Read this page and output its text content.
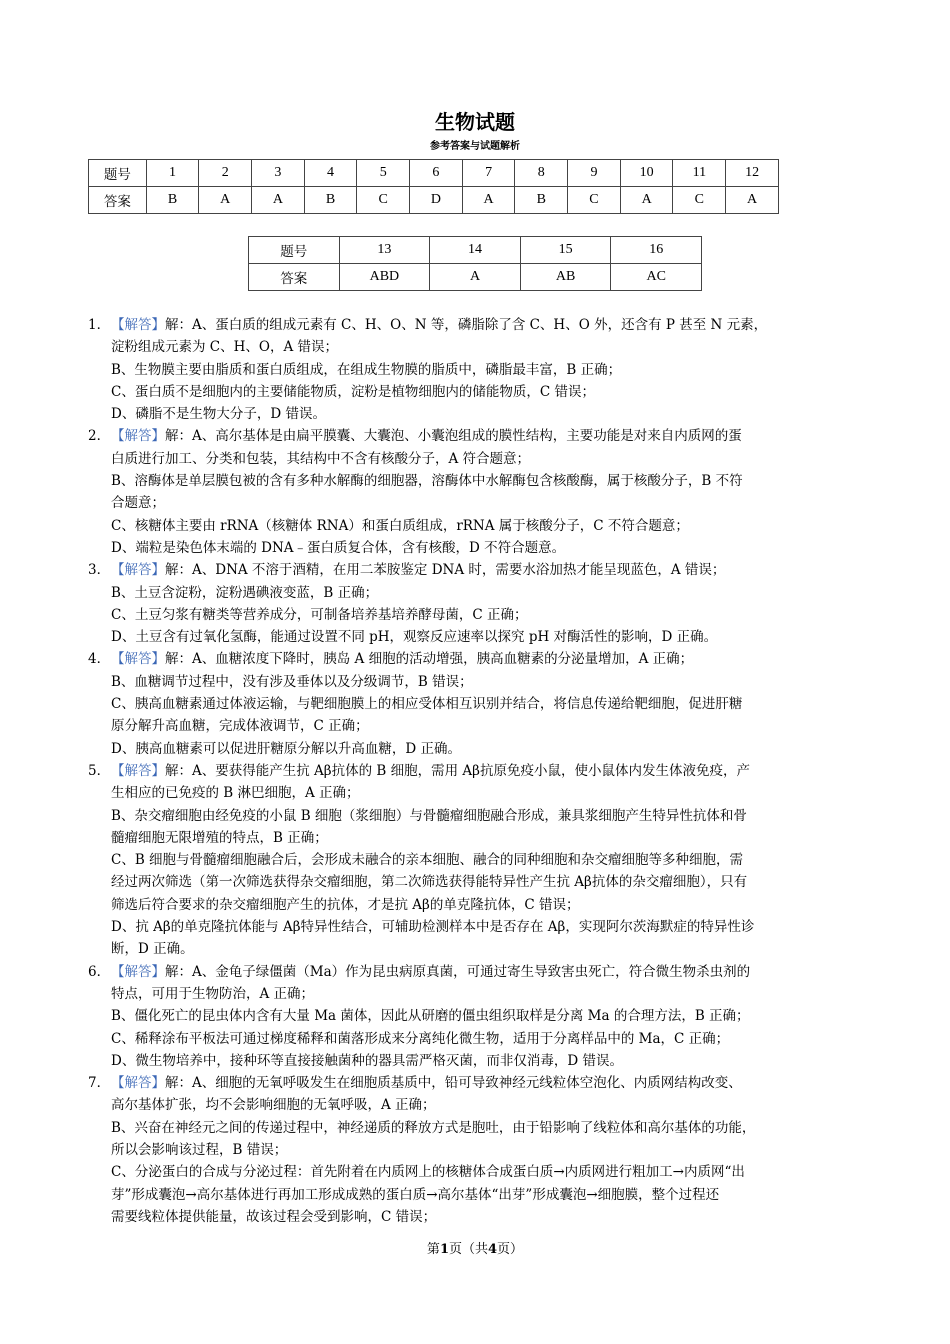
生物试题
参考答案与试题解析
题号	1	2	3	4	5	6	7	8	9	10	11	12
答案	B	A	A	B	C	D	A	B	C	A	C	A
题号	13	14	15	16
答案	ABD	A	AB	AC
1． 【解答】解：A、蛋白质的组成元素有 C、H、O、N 等，磷脂除了含 C、H、O 外，还含有 P 甚至 N 元素，
淀粉组成元素为 C、H、O，A 错误；
B、生物膜主要由脂质和蛋白质组成，在组成生物膜的脂质中，磷脂最丰富，B 正确；
C、蛋白质不是细胞内的主要储能物质，淀粉是植物细胞内的储能物质，C 错误；
D、磷脂不是生物大分子，D 错误。
2． 【解答】解：A、高尔基体是由扁平膜囊、大囊泡、小囊泡组成的膜性结构，主要功能是对来自内质网的蛋
白质进行加工、分类和包装，其结构中不含有核酸分子，A 符合题意；
B、溶酶体是单层膜包被的含有多种水解酶的细胞器，溶酶体中水解酶包含核酸酶，属于核酸分子，B 不符
合题意；
C、核糖体主要由 rRNA（核糖体 RNA）和蛋白质组成，rRNA 属于核酸分子，C 不符合题意；
D、端粒是染色体末端的 DNA﹣蛋白质复合体，含有核酸，D 不符合题意。
3． 【解答】解：A、DNA 不溶于酒精，在用二苯胺鉴定 DNA 时，需要水浴加热才能呈现蓝色，A 错误；
B、土豆含淀粉，淀粉遇碘液变蓝，B 正确；
C、土豆匀浆有糖类等营养成分，可制备培养基培养酵母菌，C 正确；
D、土豆含有过氧化氢酶，能通过设置不同 pH，观察反应速率以探究 pH 对酶活性的影响，D 正确。
4． 【解答】解：A、血糖浓度下降时，胰岛 A 细胞的活动增强，胰高血糖素的分泌量增加，A 正确；
B、血糖调节过程中，没有涉及垂体以及分级调节，B 错误；
C、胰高血糖素通过体液运输，与靶细胞膜上的相应受体相互识别并结合，将信息传递给靶细胞，促进肝糖
原分解升高血糖，完成体液调节，C 正确；
D、胰高血糖素可以促进肝糖原分解以升高血糖，D 正确。
5． 【解答】解：A、要获得能产生抗 Aβ抗体的 B 细胞，需用 Aβ抗原免疫小鼠，使小鼠体内发生体液免疫，产
生相应的已免疫的 B 淋巴细胞，A 正确；
B、杂交瘤细胞由经免疫的小鼠 B 细胞（浆细胞）与骨髓瘤细胞融合形成，兼具浆细胞产生特异性抗体和骨
髓瘤细胞无限增殖的特点，B 正确；
C、B 细胞与骨髓瘤细胞融合后，会形成未融合的亲本细胞、融合的同种细胞和杂交瘤细胞等多种细胞，需
经过两次筛选（第一次筛选获得杂交瘤细胞，第二次筛选获得能特异性产生抗 Aβ抗体的杂交瘤细胞），只有
筛选后符合要求的杂交瘤细胞产生的抗体，才是抗 Aβ的单克隆抗体，C 错误；
D、抗 Aβ的单克隆抗体能与 Aβ特异性结合，可辅助检测样本中是否存在 Aβ，实现阿尔茨海默症的特异性诊
断，D 正确。
6． 【解答】解：A、金龟子绿僵菌（Ma）作为昆虫病原真菌，可通过寄生导致害虫死亡，符合微生物杀虫剂的
特点，可用于生物防治，A 正确；
B、僵化死亡的昆虫体内含有大量 Ma 菌体，因此从研磨的僵虫组织取样是分离 Ma 的合理方法，B 正确；
C、稀释涂布平板法可通过梯度稀释和菌落形成来分离纯化微生物，适用于分离样品中的 Ma，C 正确；
D、微生物培养中，接种环等直接接触菌种的器具需严格灭菌，而非仅消毒，D 错误。
7． 【解答】解：A、细胞的无氧呼吸发生在细胞质基质中，铅可导致神经元线粒体空泡化、内质网结构改变、
高尔基体扩张，均不会影响细胞的无氧呼吸，A 正确；
B、兴奋在神经元之间的传递过程中，神经递质的释放方式是胞吐，由于铅影响了线粒体和高尔基体的功能，
所以会影响该过程，B 错误；
C、分泌蛋白的合成与分泌过程：首先附着在内质网上的核糖体合成蛋白质→内质网进行粗加工→内质网“出
芽”形成囊泡→高尔基体进行再加工形成成熟的蛋白质→高尔基体“出芽”形成囊泡→细胞膜，整个过程还
需要线粒体提供能量，故该过程会受到影响，C 错误；
第1页（共4页）
